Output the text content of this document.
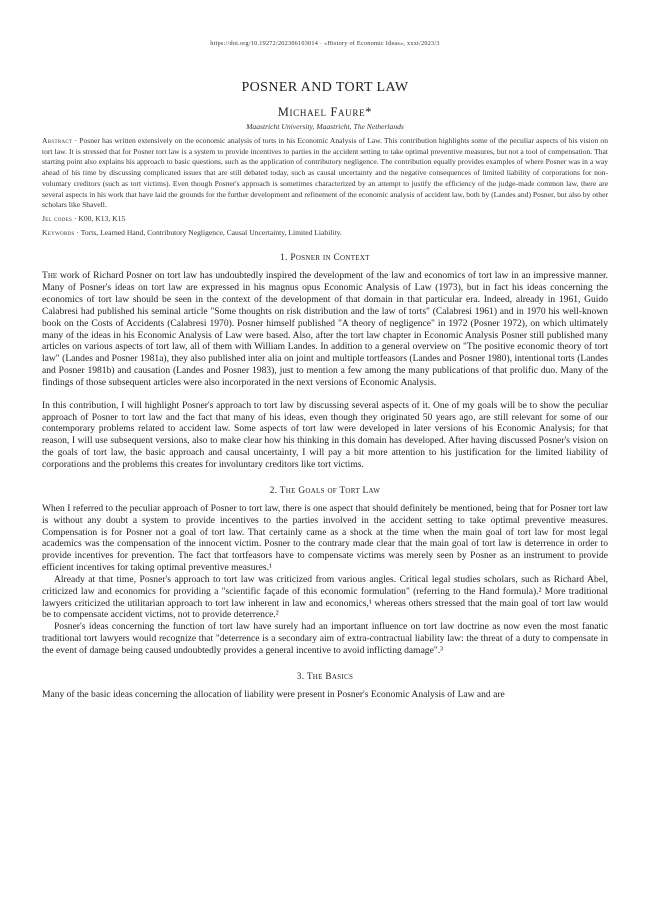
https://doi.org/10.19272/202306103014 · «History of Economic Ideas», xxxi/2023/3
POSNER AND TORT LAW
Michael Faure*
Maastricht University, Maastricht, The Netherlands
Abstract · Posner has written extensively on the economic analysis of torts in his Economic Analysis of Law. This contribution highlights some of the peculiar aspects of his vision on tort law. It is stressed that for Posner tort law is a system to provide incentives to parties in the accident setting to take optimal preventive measures, but not a tool of compensation. That starting point also explains his approach to basic questions, such as the application of contributory negligence. The contribution equally provides examples of where Posner was in a way ahead of his time by discussing complicated issues that are still debated today, such as causal uncertainty and the negative consequences of limited liability of corporations for non-voluntary creditors (such as tort victims). Even though Posner's approach is sometimes characterized by an attempt to justify the efficiency of the judge-made common law, there are several aspects in his work that have laid the grounds for the further development and refinement of the economic analysis of accident law, both by (Landes and) Posner, but also by other scholars like Shavell.
Jel codes · K00, K13, K15
Keywords · Torts, Learned Hand, Contributory Negligence, Causal Uncertainty, Limited Liability.
1. Posner in Context

The work of Richard Posner on tort law has undoubtedly inspired the development of the law and economics of tort law in an impressive manner. Many of Posner's ideas on tort law are expressed in his magnus opus Economic Analysis of Law (1973), but in fact his ideas concerning the economics of tort law should be seen in the context of the development of that domain in that particular era. Indeed, already in 1961, Guido Calabresi had published his seminal article "Some thoughts on risk distribution and the law of torts" (Calabresi 1961) and in 1970 his well-known book on the Costs of Accidents (Calabresi 1970). Posner himself published "A theory of negligence" in 1972 (Posner 1972), on which ultimately many of the ideas in his Economic Analysis of Law were based. Also, after the tort law chapter in Economic Analysis Posner still published many articles on various aspects of tort law, all of them with William Landes. In addition to a general overview on "The positive economic theory of tort law" (Landes and Posner 1981a), they also published inter alia on joint and multiple tortfeasors (Landes and Posner 1980), intentional torts (Landes and Posner 1981b) and causation (Landes and Posner 1983), just to mention a few among the many publications of that prolific duo. Many of the findings of those subsequent articles were also incorporated in the next versions of Economic Analysis.

In this contribution, I will highlight Posner's approach to tort law by discussing several aspects of it. One of my goals will be to show the peculiar approach of Posner to tort law and the fact that many of his ideas, even though they originated 50 years ago, are still relevant for some of our contemporary problems related to accident law. Some aspects of tort law were developed in later versions of his Economic Analysis; for that reason, I will use subsequent versions, also to make clear how his thinking in this domain has developed. After having discussed Posner's vision on the goals of tort law, the basic approach and causal uncertainty, I will pay a bit more attention to his justification for the limited liability of corporations and the problems this creates for involuntary creditors like tort victims.

2. The Goals of Tort Law

When I referred to the peculiar approach of Posner to tort law, there is one aspect that should definitely be mentioned, being that for Posner tort law is without any doubt a system to provide incentives to the parties involved in the accident setting to take optimal preventive measures. Compensation is for Posner not a goal of tort law. That certainly came as a shock at the time when the main goal of tort law for most legal academics was the compensation of the innocent victim. Posner to the contrary made clear that the main goal of tort law is deterrence in order to provide incentives for prevention. The fact that tortfeasors have to compensate victims was merely seen by Posner as an instrument to provide efficient incentives for taking optimal preventive measures.¹

Already at that time, Posner's approach to tort law was criticized from various angles. Critical legal studies scholars, such as Richard Abel, criticized law and economics for providing a "scientific façade of this economic formulation" (referring to the Hand formula).² More traditional lawyers criticized the utilitarian approach to tort law inherent in law and economics,¹ whereas others stressed that the main goal of tort law would be to compensate accident victims, not to provide deterrence.²

Posner's ideas concerning the function of tort law have surely had an important influence on tort law doctrine as now even the most fanatic traditional tort lawyers would recognize that "deterrence is a secondary aim of extra-contractual liability law: the threat of a duty to compensate in the event of damage being caused undoubtedly provides a general incentive to avoid inflicting damage".³

3. The Basics

Many of the basic ideas concerning the allocation of liability were present in Posner's Economic Analysis of Law and are
